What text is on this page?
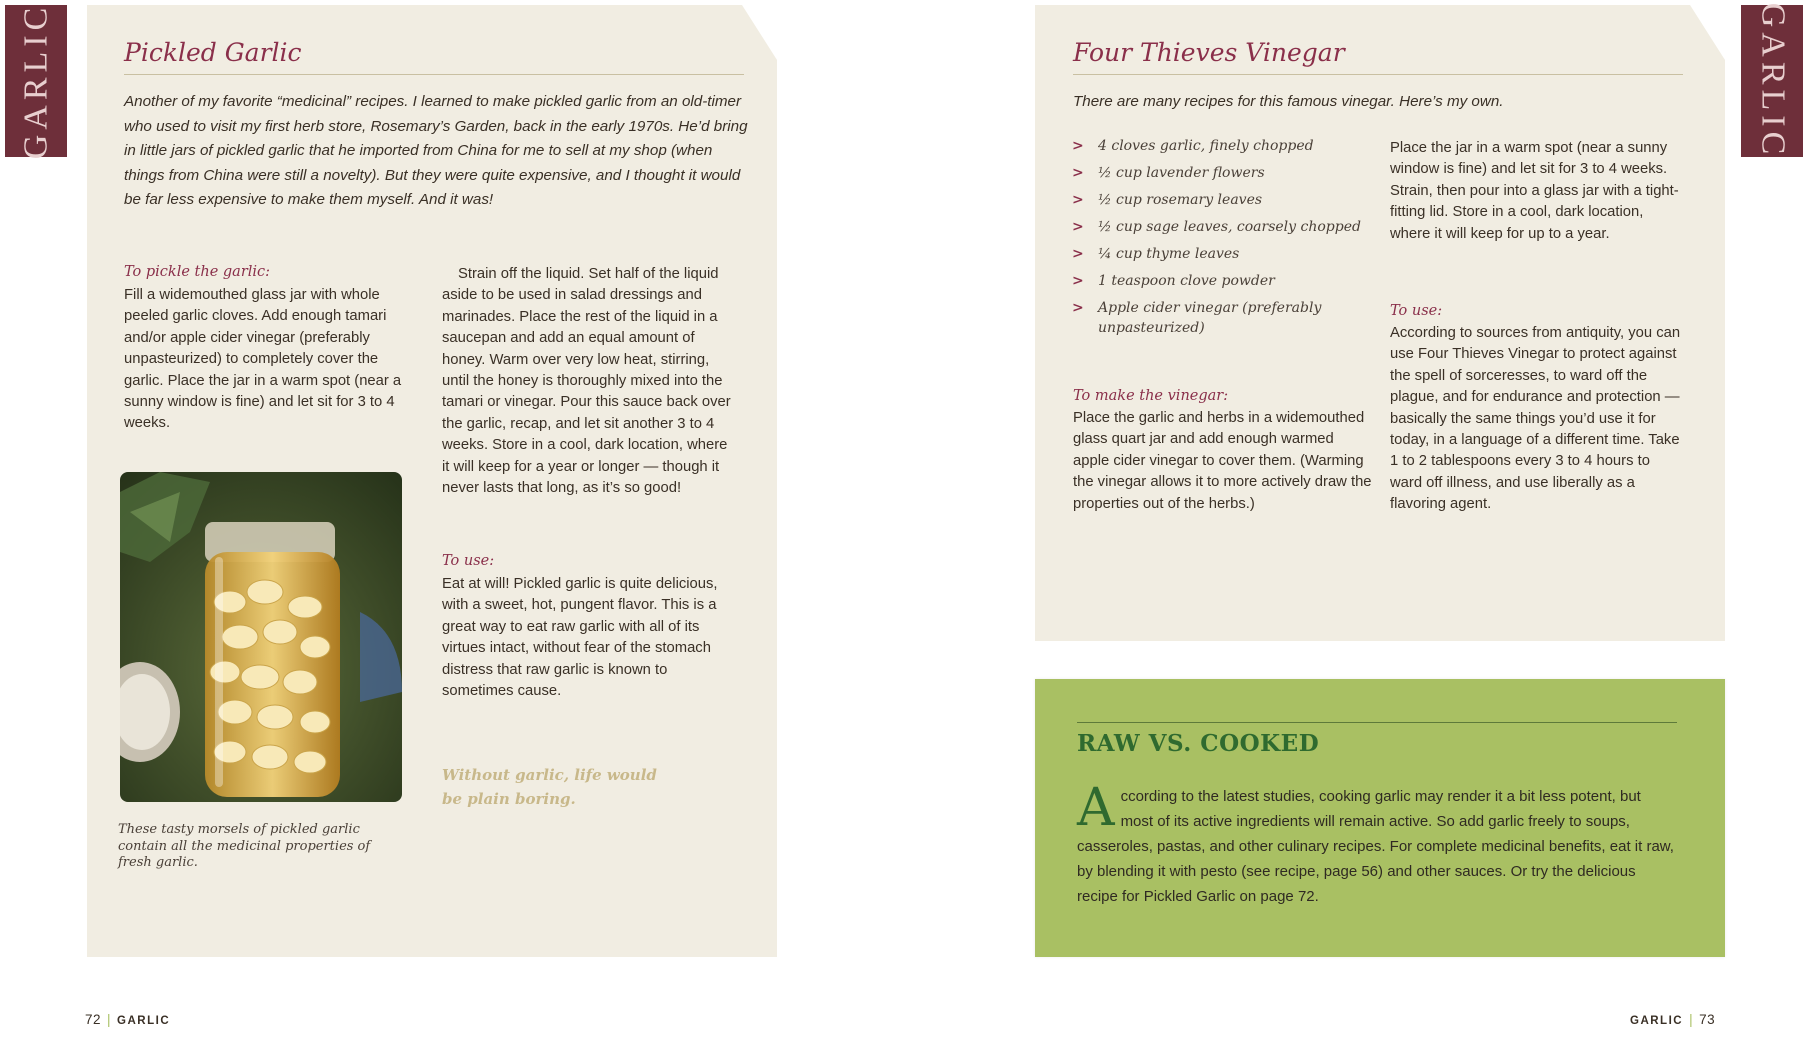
GARLIC	GARLIC
Pickled Garlic
Another of my favorite “medicinal” recipes. I learned to make pickled garlic from an old-timer who used to visit my first herb store, Rosemary’s Garden, back in the early 1970s. He’d bring in little jars of pickled garlic that he imported from China for me to sell at my shop (when things from China were still a novelty). But they were quite expensive, and I thought it would be far less expensive to make them myself. And it was!
To pickle the garlic:
Fill a widemouthed glass jar with whole peeled garlic cloves. Add enough tamari and/or apple cider vinegar (preferably unpasteurized) to completely cover the garlic. Place the jar in a warm spot (near a sunny window is fine) and let sit for 3 to 4 weeks.
These tasty morsels of pickled garlic contain all the medicinal properties of fresh garlic.
Strain off the liquid. Set half of the liquid aside to be used in salad dressings and marinades. Place the rest of the liquid in a saucepan and add an equal amount of honey. Warm over very low heat, stirring, until the honey is thoroughly mixed into the tamari or vinegar. Pour this sauce back over the garlic, recap, and let sit another 3 to 4 weeks. Store in a cool, dark location, where it will keep for a year or longer — though it never lasts that long, as it’s so good!
To use:
Eat at will! Pickled garlic is quite delicious, with a sweet, hot, pungent flavor. This is a great way to eat raw garlic with all of its virtues intact, without fear of the stomach distress that raw garlic is known to sometimes cause.
Without garlic, life would be plain boring.
72 | GARLIC
Four Thieves Vinegar
There are many recipes for this famous vinegar. Here’s my own.
> 4 cloves garlic, finely chopped
> ½ cup lavender flowers
> ½ cup rosemary leaves
> ½ cup sage leaves, coarsely chopped
> ¼ cup thyme leaves
> 1 teaspoon clove powder
> Apple cider vinegar (preferably unpasteurized)
To make the vinegar:
Place the garlic and herbs in a widemouthed glass quart jar and add enough warmed apple cider vinegar to cover them. (Warming the vinegar allows it to more actively draw the properties out of the herbs.)
Place the jar in a warm spot (near a sunny window is fine) and let sit for 3 to 4 weeks. Strain, then pour into a glass jar with a tight-fitting lid. Store in a cool, dark location, where it will keep for up to a year.
To use:
According to sources from antiquity, you can use Four Thieves Vinegar to protect against the spell of sorceresses, to ward off the plague, and for endurance and protection — basically the same things you’d use it for today, in a language of a different time. Take 1 to 2 tablespoons every 3 to 4 hours to ward off illness, and use liberally as a flavoring agent.
RAW VS. COOKED
According to the latest studies, cooking garlic may render it a bit less potent, but most of its active ingredients will remain active. So add garlic freely to soups, casseroles, pastas, and other culinary recipes. For complete medicinal benefits, eat it raw, by blending it with pesto (see recipe, page 56) and other sauces. Or try the delicious recipe for Pickled Garlic on page 72.
GARLIC | 73
